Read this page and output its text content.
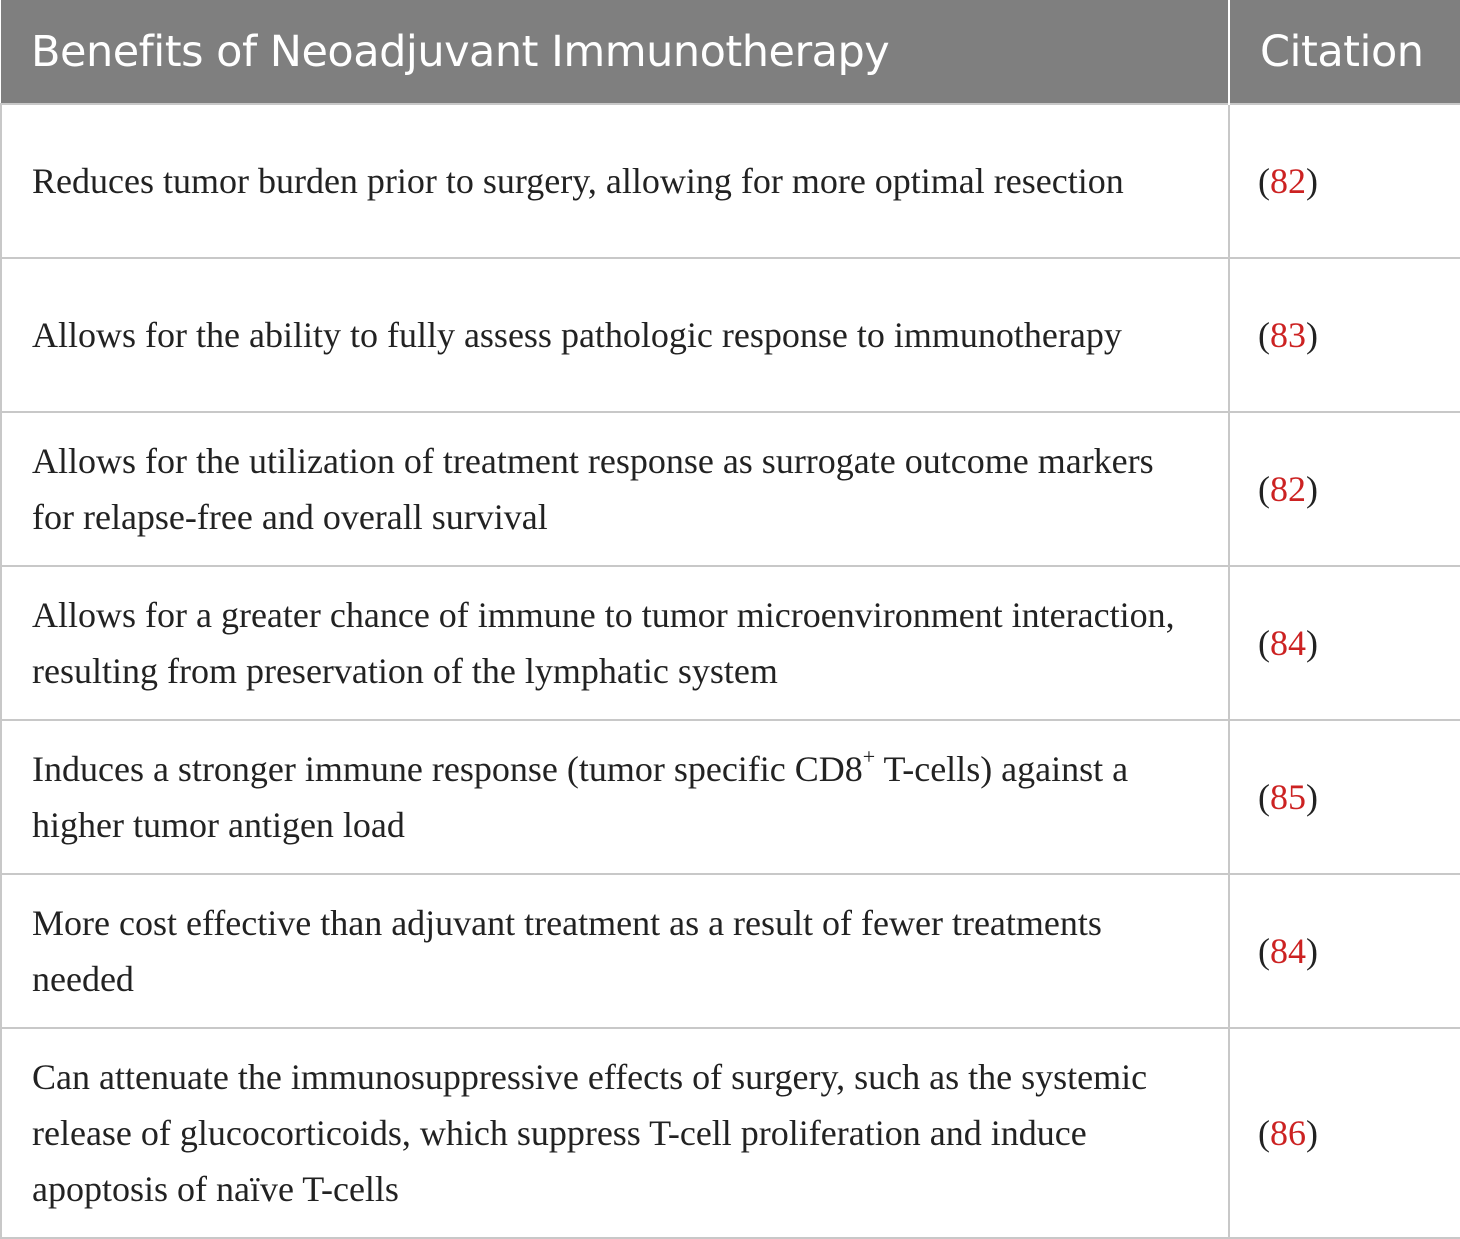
Benefits of Neoadjuvant Immunotherapy	Citation
Reduces tumor burden prior to surgery, allowing for more optimal resection	(82)
Allows for the ability to fully assess pathologic response to immunotherapy	(83)
Allows for the utilization of treatment response as surrogate outcome markers for relapse-free and overall survival	(82)
Allows for a greater chance of immune to tumor microenvironment interaction, resulting from preservation of the lymphatic system	(84)
Induces a stronger immune response (tumor specific CD8+ T-cells) against a higher tumor antigen load	(85)
More cost effective than adjuvant treatment as a result of fewer treatments needed	(84)
Can attenuate the immunosuppressive effects of surgery, such as the systemic release of glucocorticoids, which suppress T-cell proliferation and induce apoptosis of naïve T-cells	(86)
